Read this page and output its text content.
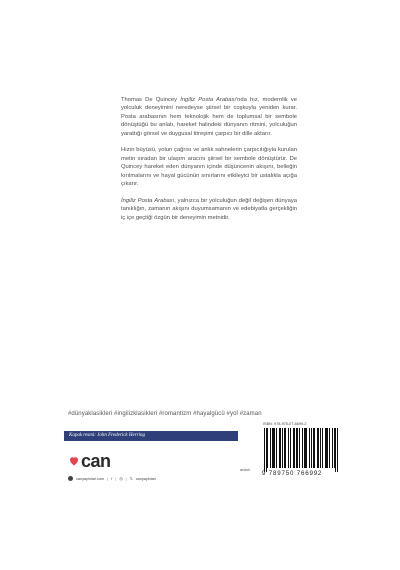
Thomas De Quincey İngiliz Posta Arabası'nda hız, modernlik ve yolculuk deneyimini neredeyse şiirsel bir coşkuyla yeniden kurar. Posta arabasının hem teknolojik hem de toplumsal bir sembole dönüştüğü bu anlatı, hareket halindeki dünyanın ritmini, yolculuğun yarattığı görsel ve duygusal titreşimi çarpıcı bir dille aktarır.

Hızın büyüsü, yolun çağrısı ve anlık sahnelerin çarpıcılığıyla kurulan metin sıradan bir ulaşım aracını şiirsel bir sembole dönüştürür. De Quincey hareket eden dünyanın içinde düşüncenin akışını, belleğin kırılmalarını ve hayal gücünün sınırlarını etkileyici bir ustalıkla açığa çıkarır.

İngiliz Posta Arabası, yalnızca bir yolculuğun değil değişen dünyaya tanıklığın, zamanın akışını duyumsamanın ve edebiyatla gerçekliğin iç içe geçtiği özgün bir deneyimin metnidir.

#dünyaklasikleri #ingilizklasikleri #romantizm #hayalgücü #yol #zaman
Kapak resmi: John Frederick Herring
ISBN: 978-975-07-6699-2
9 789750 766992
can	anlatı
canyayinlari.com | f | ◎ | 𝕏 canyayinlari
